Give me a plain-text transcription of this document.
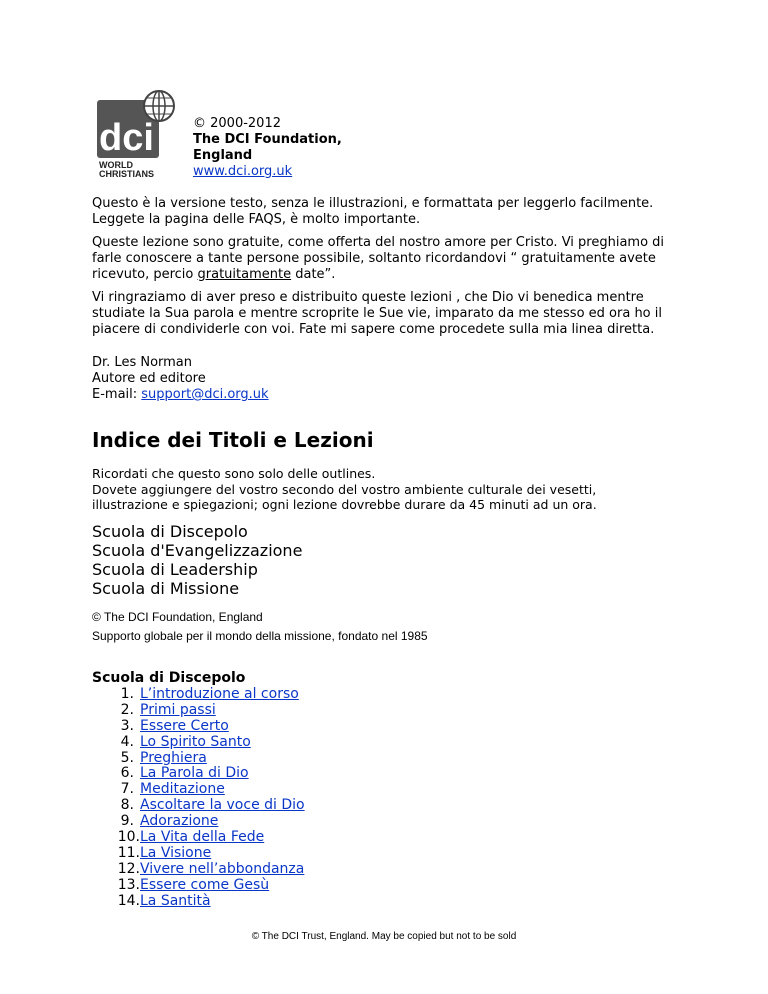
dci
WORLD
CHRISTIANS
© 2000-2012
The DCI Foundation,
England
www.dci.org.uk
Questo è la versione testo, senza le illustrazioni, e formattata per leggerlo facilmente.
Leggete la pagina delle FAQS, è molto importante.
Queste lezione sono gratuite, come offerta del nostro amore per Cristo. Vi preghiamo di
farle conoscere a tante persone possibile, soltanto ricordandovi “ gratuitamente avete
ricevuto, percio gratuitamente date”.
Vi ringraziamo di aver preso e distribuito queste lezioni , che Dio vi benedica mentre
studiate la Sua parola e mentre scroprite le Sue vie, imparato da me stesso ed ora ho il
piacere di condividerle con voi. Fate mi sapere come procedete sulla mia linea diretta.
Dr. Les Norman
Autore ed editore
E-mail: support@dci.org.uk
Indice dei Titoli e Lezioni
Ricordati che questo sono solo delle outlines.
Dovete aggiungere del vostro secondo del vostro ambiente culturale dei vesetti,
illustrazione e spiegazioni; ogni lezione dovrebbe durare da 45 minuti ad un ora.
Scuola di Discepolo
Scuola d'Evangelizzazione
Scuola di Leadership
Scuola di Missione
© The DCI Foundation, England
Supporto globale per il mondo della missione, fondato nel 1985
Scuola di Discepolo
1. L’introduzione al corso
2. Primi passi
3. Essere Certo
4. Lo Spirito Santo
5. Preghiera
6. La Parola di Dio
7. Meditazione
8. Ascoltare la voce di Dio
9. Adorazione
10. La Vita della Fede
11. La Visione
12. Vivere nell’abbondanza
13. Essere come Gesù
14. La Santità
© The DCI Trust, England. May be copied but not to be sold
